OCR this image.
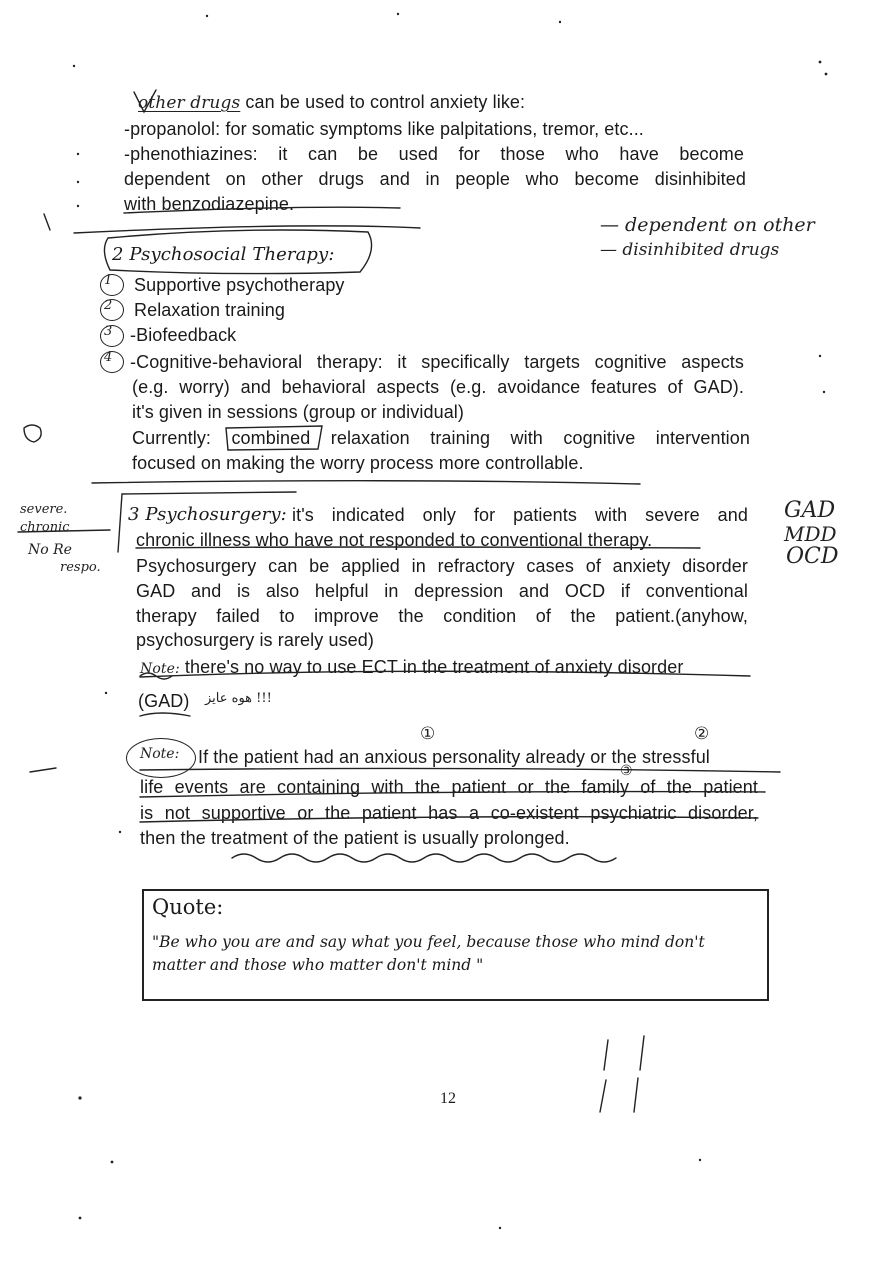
other drugs can be used to control anxiety like:
-propanolol: for somatic symptoms like palpitations, tremor, etc...
-phenothiazines: it can be used for those who have become
dependent on other drugs and in people who become disinhibited
with benzodiazepine.
2 Psychosocial Therapy:
Supportive psychotherapy
Relaxation training
-Biofeedback
-Cognitive-behavioral therapy: it specifically targets cognitive aspects
(e.g. worry) and behavioral aspects (e.g. avoidance features of GAD).
it's given in sessions (group or individual)
Currently: combined relaxation training with cognitive intervention
focused on making the worry process more controllable.
3 Psychosurgery: it's indicated only for patients with severe and
chronic illness who have not responded to conventional therapy.
Psychosurgery can be applied in refractory cases of anxiety disorder
GAD and is also helpful in depression and OCD if conventional
therapy failed to improve the condition of the patient.(anyhow,
psychosurgery is rarely used)
Note: there's no way to use ECT in the treatment of anxiety disorder
(GAD) هوه عايز !!!
Note: If the patient had an anxious personality already or the stressful
life events are containing with the patient or the family of the patient
is not supportive or the patient has a co-existent psychiatric disorder,
then the treatment of the patient is usually prolonged.
Quote:
"Be who you are and say what you feel, because those who mind don't matter and those who matter don't mind "
12
— dependent on other
— disinhibited drugs
severe.
chronic
No Re
respo.
GAD
MDD
OCD
1
2
3
4
①	②
③
